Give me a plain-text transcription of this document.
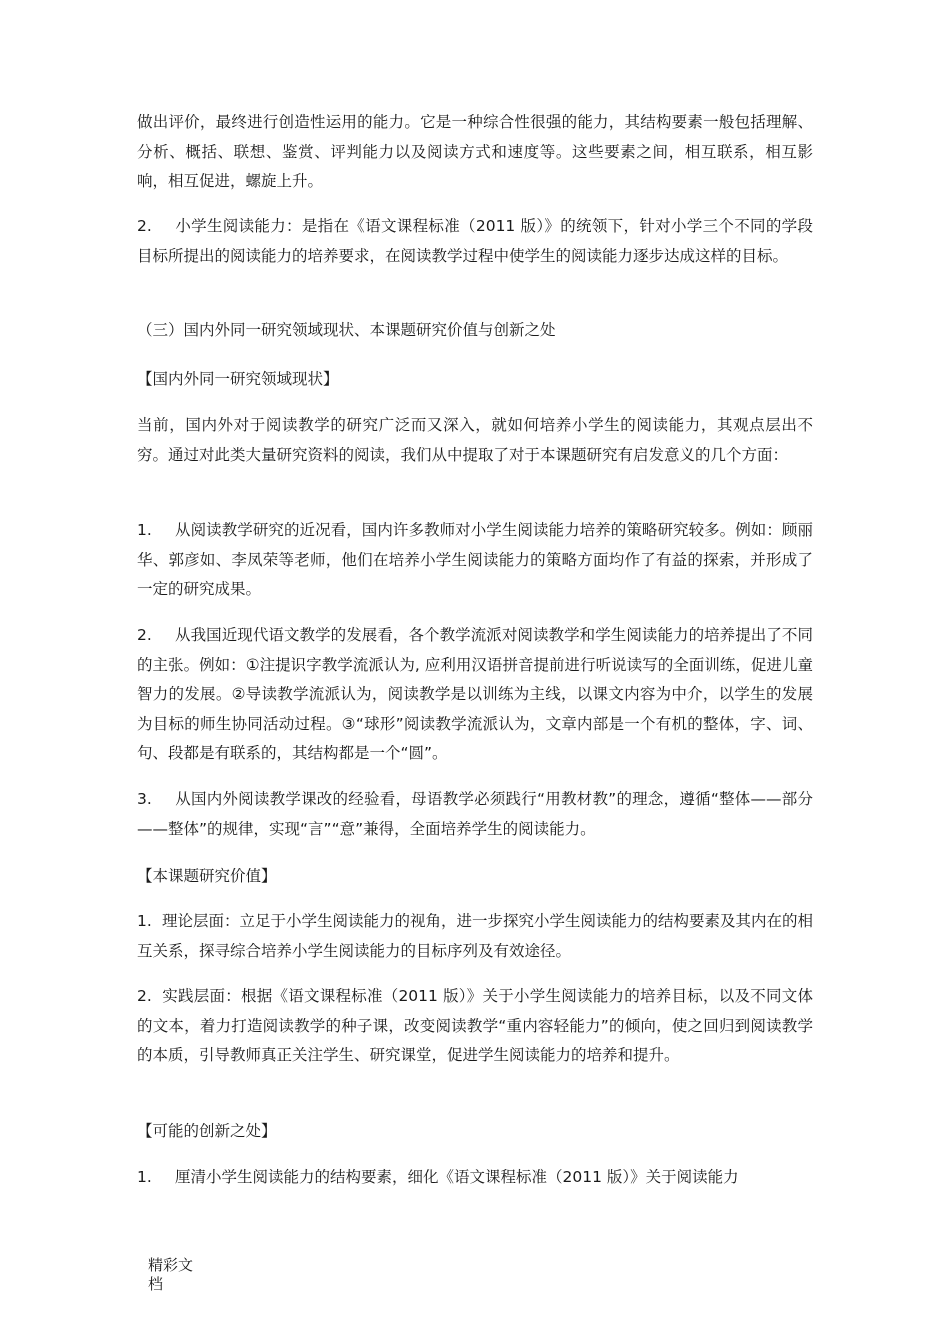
做出评价，最终进行创造性运用的能力。它是一种综合性很强的能力，其结构要素一般包括理解、分析、概括、联想、鉴赏、评判能力以及阅读方式和速度等。这些要素之间，相互联系，相互影响，相互促进，螺旋上升。

2. 小学生阅读能力：是指在《语文课程标准（2011 版）》的统领下，针对小学三个不同的学段目标所提出的阅读能力的培养要求，在阅读教学过程中使学生的阅读能力逐步达成这样的目标。

（三）国内外同一研究领域现状、本课题研究价值与创新之处

【国内外同一研究领域现状】

当前，国内外对于阅读教学的研究广泛而又深入，就如何培养小学生的阅读能力，其观点层出不穷。通过对此类大量研究资料的阅读，我们从中提取了对于本课题研究有启发意义的几个方面：

1. 从阅读教学研究的近况看，国内许多教师对小学生阅读能力培养的策略研究较多。例如：顾丽华、郭彦如、李凤荣等老师，他们在培养小学生阅读能力的策略方面均作了有益的探索，并形成了一定的研究成果。

2. 从我国近现代语文教学的发展看，各个教学流派对阅读教学和学生阅读能力的培养提出了不同的主张。例如：①注提识字教学流派认为, 应利用汉语拼音提前进行听说读写的全面训练，促进儿童智力的发展。②导读教学流派认为，阅读教学是以训练为主线，以课文内容为中介，以学生的发展为目标的师生协同活动过程。③“球形”阅读教学流派认为，文章内部是一个有机的整体，字、词、句、段都是有联系的，其结构都是一个“圆”。

3. 从国内外阅读教学课改的经验看，母语教学必须践行“用教材教”的理念，遵循“整体——部分——整体”的规律，实现“言”“意”兼得，全面培养学生的阅读能力。

【本课题研究价值】

1. 理论层面：立足于小学生阅读能力的视角，进一步探究小学生阅读能力的结构要素及其内在的相互关系，探寻综合培养小学生阅读能力的目标序列及有效途径。

2. 实践层面：根据《语文课程标准（2011 版）》关于小学生阅读能力的培养目标，以及不同文体的文本，着力打造阅读教学的种子课，改变阅读教学“重内容轻能力”的倾向，使之回归到阅读教学的本质，引导教师真正关注学生、研究课堂，促进学生阅读能力的培养和提升。

【可能的创新之处】

1. 厘清小学生阅读能力的结构要素，细化《语文课程标准（2011 版）》关于阅读能力

精彩文
档
